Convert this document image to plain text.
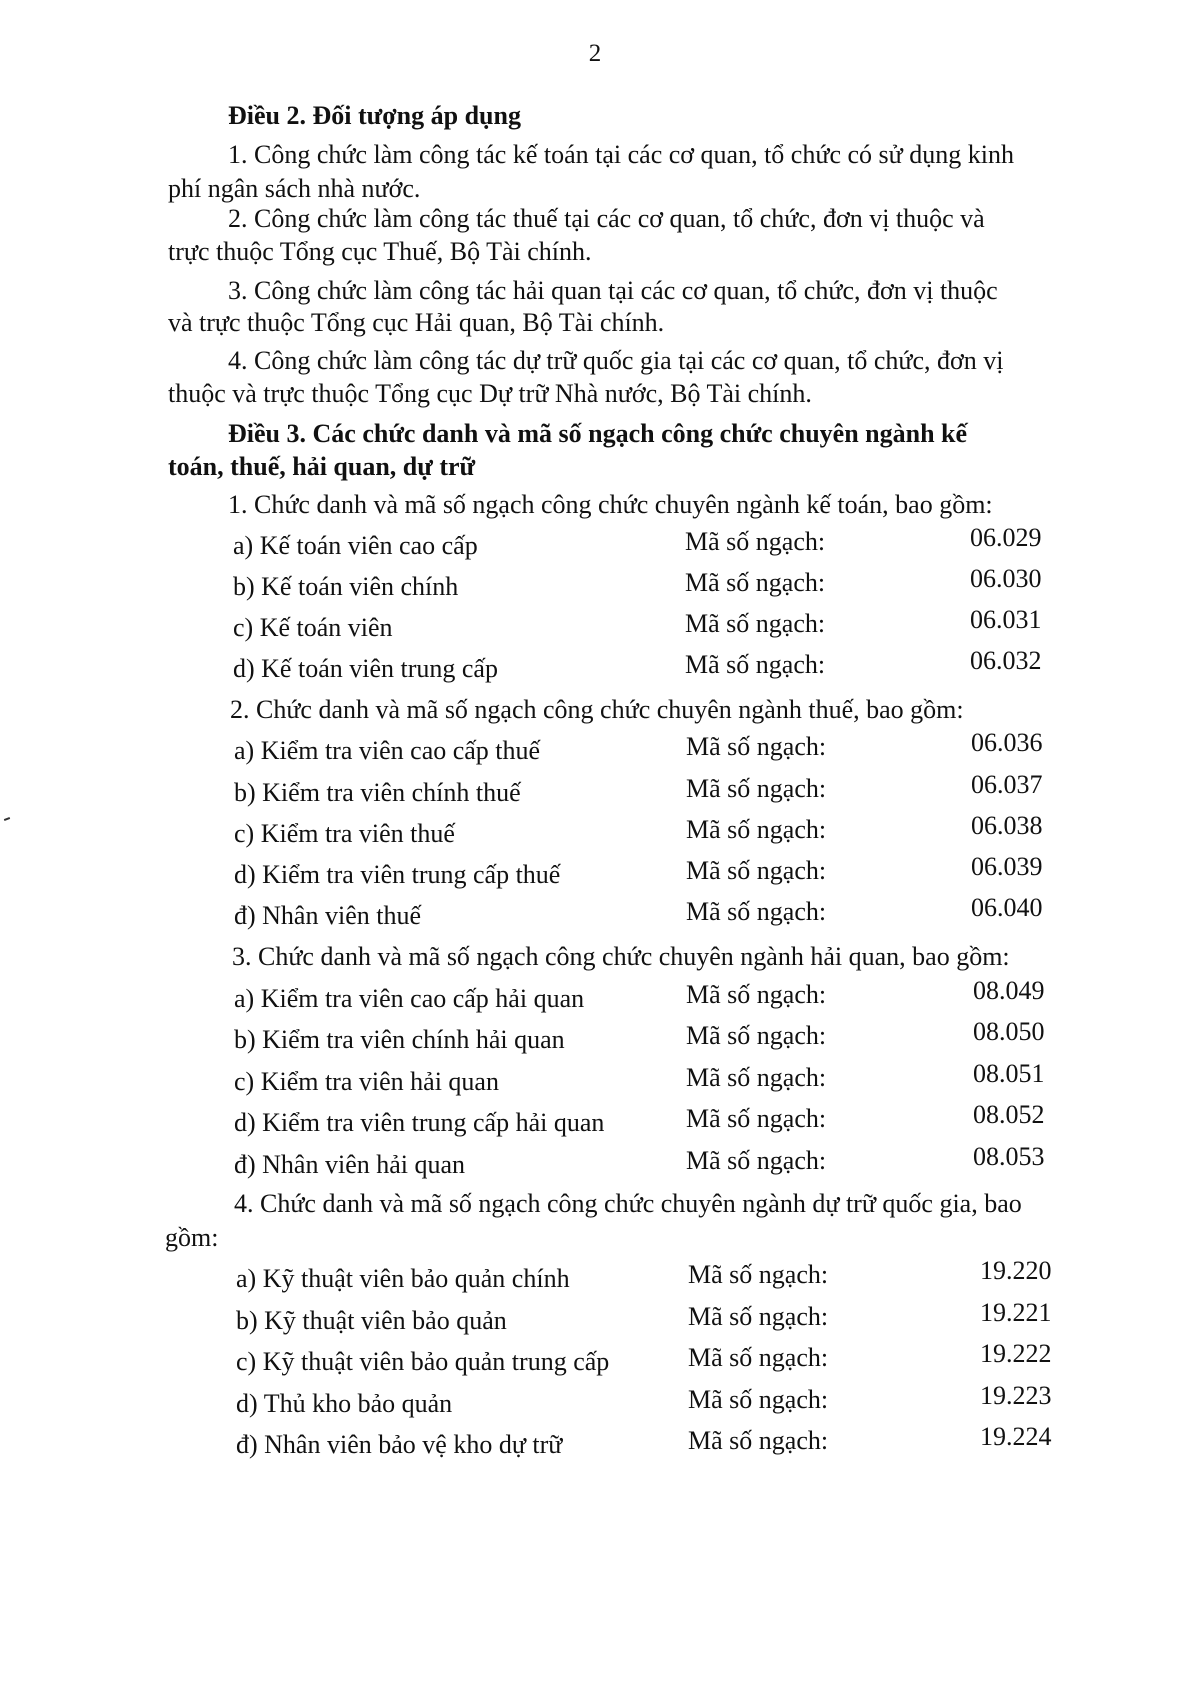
2
Điều 2. Đối tượng áp dụng
1. Công chức làm công tác kế toán tại các cơ quan, tổ chức có sử dụng kinh
phí ngân sách nhà nước.
2. Công chức làm công tác thuế tại các cơ quan, tổ chức, đơn vị thuộc và
trực thuộc Tổng cục Thuế, Bộ Tài chính.
3. Công chức làm công tác hải quan tại các cơ quan, tổ chức, đơn vị thuộc
và trực thuộc Tổng cục Hải quan, Bộ Tài chính.
4. Công chức làm công tác dự trữ quốc gia tại các cơ quan, tổ chức, đơn vị
thuộc và trực thuộc Tổng cục Dự trữ Nhà nước, Bộ Tài chính.
Điều 3. Các chức danh và mã số ngạch công chức chuyên ngành kế
toán, thuế, hải quan, dự trữ
1. Chức danh và mã số ngạch công chức chuyên ngành kế toán, bao gồm:
a) Kế toán viên cao cấp	Mã số ngạch:	06.029
b) Kế toán viên chính	Mã số ngạch:	06.030
c) Kế toán viên	Mã số ngạch:	06.031
d) Kế toán viên trung cấp	Mã số ngạch:	06.032
2. Chức danh và mã số ngạch công chức chuyên ngành thuế, bao gồm:
a) Kiểm tra viên cao cấp thuế	Mã số ngạch:	06.036
b) Kiểm tra viên chính thuế	Mã số ngạch:	06.037
c) Kiểm tra viên thuế	Mã số ngạch:	06.038
d) Kiểm tra viên trung cấp thuế	Mã số ngạch:	06.039
đ) Nhân viên thuế	Mã số ngạch:	06.040
3. Chức danh và mã số ngạch công chức chuyên ngành hải quan, bao gồm:
a) Kiểm tra viên cao cấp hải quan	Mã số ngạch:	08.049
b) Kiểm tra viên chính hải quan	Mã số ngạch:	08.050
c) Kiểm tra viên hải quan	Mã số ngạch:	08.051
d) Kiểm tra viên trung cấp hải quan	Mã số ngạch:	08.052
đ) Nhân viên hải quan	Mã số ngạch:	08.053
4. Chức danh và mã số ngạch công chức chuyên ngành dự trữ quốc gia, bao
gồm:
a) Kỹ thuật viên bảo quản chính	Mã số ngạch:	19.220
b) Kỹ thuật viên bảo quản	Mã số ngạch:	19.221
c) Kỹ thuật viên bảo quản trung cấp	Mã số ngạch:	19.222
d) Thủ kho bảo quản	Mã số ngạch:	19.223
đ) Nhân viên bảo vệ kho dự trữ	Mã số ngạch:	19.224
